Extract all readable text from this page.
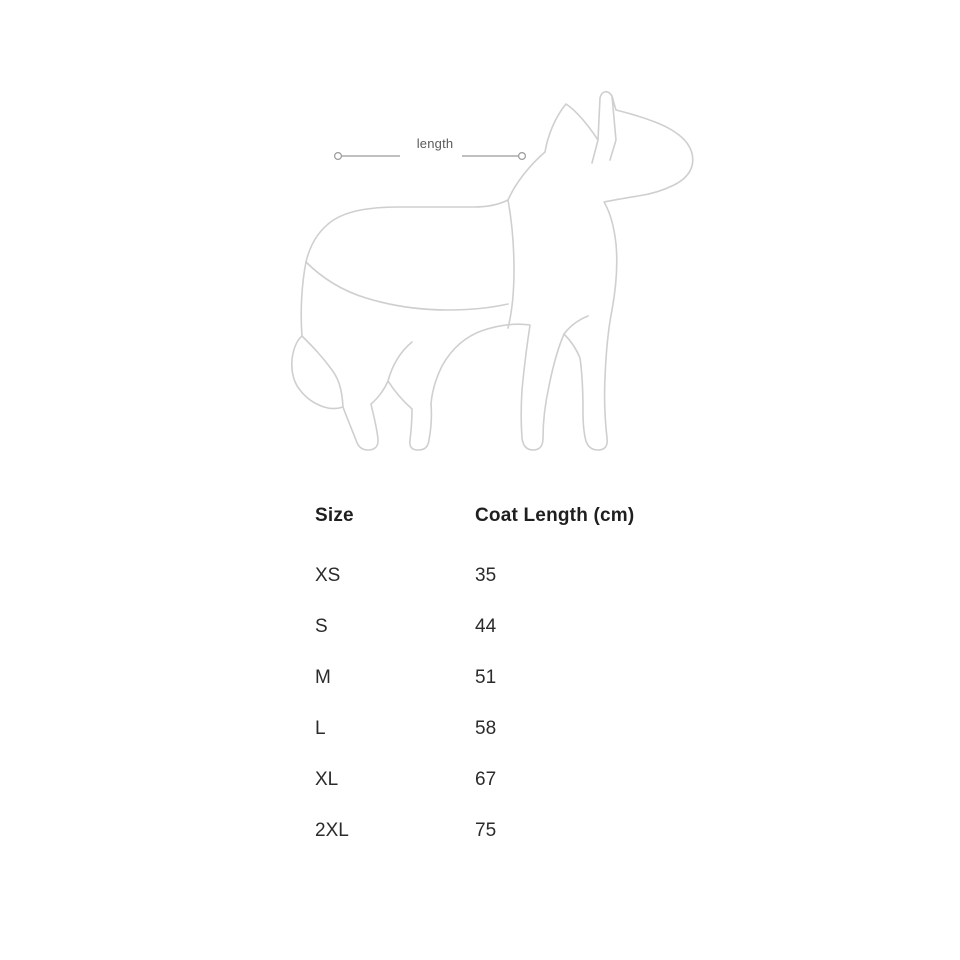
length
Size	Coat Length (cm)
XS	35
S	44
M	51
L	58
XL	67
2XL	75
